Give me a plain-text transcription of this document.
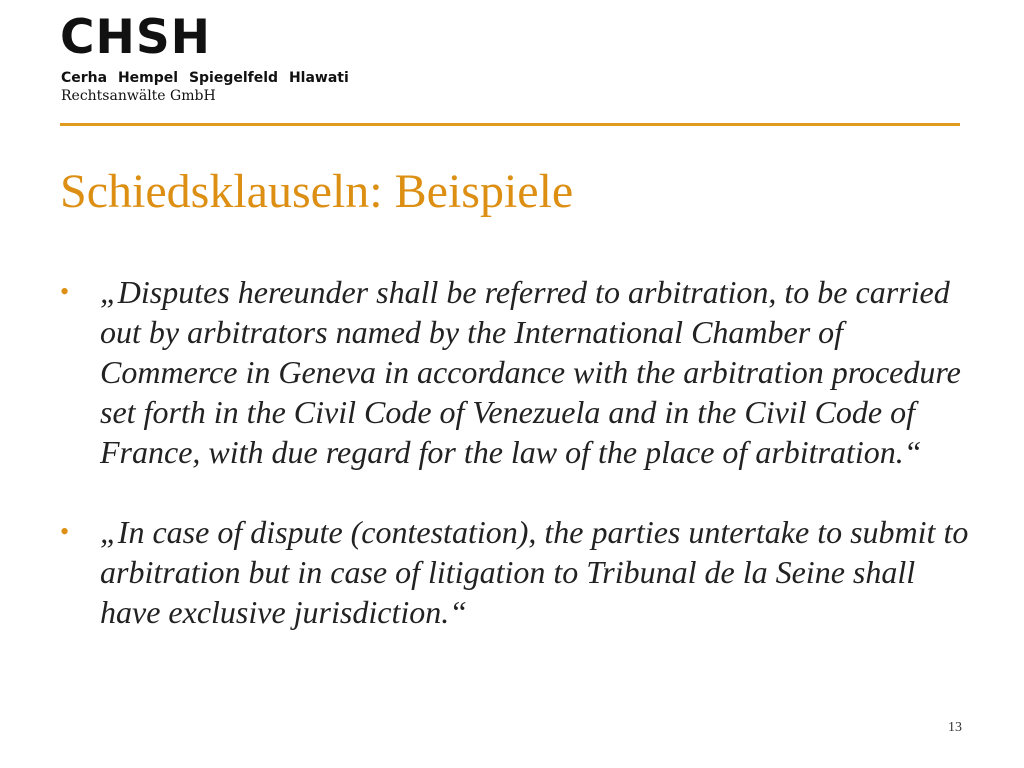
CHSH
Cerha Hempel Spiegelfeld Hlawati
Rechtsanwälte GmbH
Schiedsklauseln: Beispiele
• „Disputes hereunder shall be referred to arbitration, to be carried out by arbitrators named by the International Chamber of Commerce in Geneva in accordance with the arbitration procedure set forth in the Civil Code of Venezuela and in the Civil Code of France, with due regard for the law of the place of arbitration.“
• „In case of dispute (contestation), the parties untertake to submit to arbitration but in case of litigation to Tribunal de la Seine shall have exclusive jurisdiction.“
13
